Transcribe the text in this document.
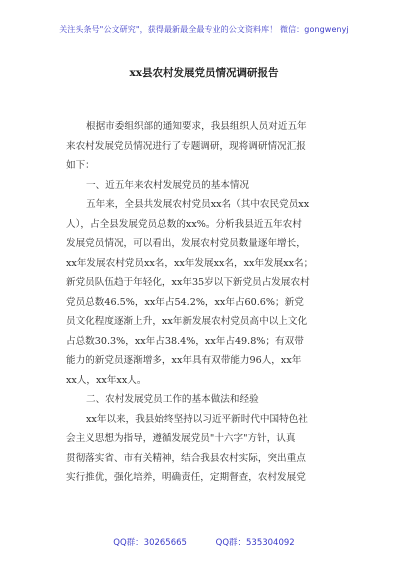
关注头条号"公文研究"，获得最新最全最专业的公文资料库！ 微信：gongwenyj
xx县农村发展党员情况调研报告
根据市委组织部的通知要求，我县组织人员对近五年
来农村发展党员情况进行了专题调研，现将调研情况汇报
如下：
一、近五年来农村发展党员的基本情况
五年来，全县共发展农村党员xx名（其中农民党员xx
人），占全县发展党员总数的xx%。分析我县近五年农村
发展党员情况，可以看出，发展农村党员数量逐年增长，
xx年发展农村党员xx名，xx年发展xx名，xx年发展xx名；
新党员队伍趋于年轻化，xx年35岁以下新党员占发展农村
党员总数46.5%，xx年占54.2%，xx年占60.6%；新党
员文化程度逐渐上升，xx年新发展农村党员高中以上文化
占总数30.3%，xx年占38.4%，xx年占49.8%；有双带
能力的新党员逐渐增多，xx年具有双带能力96人，xx年
xx人，xx年xx人。
二、农村发展党员工作的基本做法和经验
xx年以来，我县始终坚持以习近平新时代中国特色社
会主义思想为指导，遵循发展党员"十六字"方针，认真
贯彻落实省、市有关精神，结合我县农村实际，突出重点
实行推优，强化培养，明确责任，定期督查，农村发展党
QQ群：30265665	QQ群：535304092
